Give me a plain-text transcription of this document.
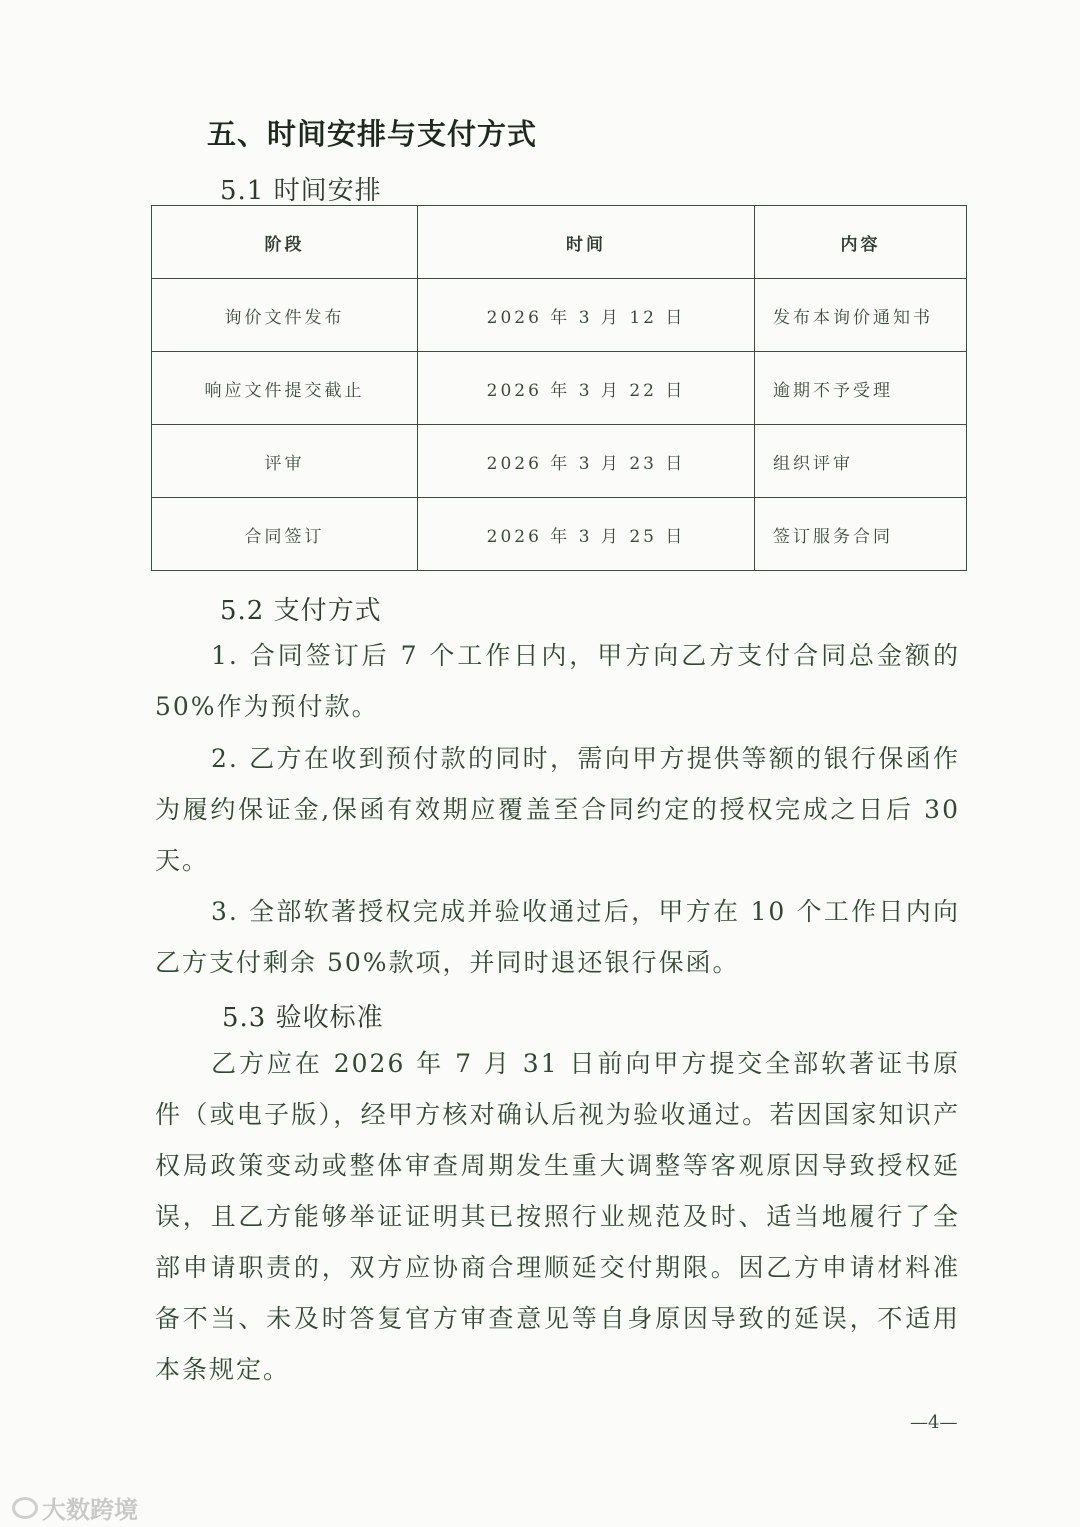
五、时间安排与支付方式
5.1 时间安排
阶段	时间	内容
询价文件发布	2026 年 3 月 12 日	发布本询价通知书
响应文件提交截止	2026 年 3 月 22 日	逾期不予受理
评审	2026 年 3 月 23 日	组织评审
合同签订	2026 年 3 月 25 日	签订服务合同
5.2 支付方式
1. 合同签订后 7 个工作日内，甲方向乙方支付合同总金额的 50%作为预付款。
2. 乙方在收到预付款的同时，需向甲方提供等额的银行保函作为履约保证金,保函有效期应覆盖至合同约定的授权完成之日后 30 天。
3. 全部软著授权完成并验收通过后，甲方在 10 个工作日内向乙方支付剩余 50%款项，并同时退还银行保函。
5.3 验收标准
乙方应在 2026 年 7 月 31 日前向甲方提交全部软著证书原件（或电子版），经甲方核对确认后视为验收通过。若因国家知识产权局政策变动或整体审查周期发生重大调整等客观原因导致授权延误，且乙方能够举证证明其已按照行业规范及时、适当地履行了全部申请职责的，双方应协商合理顺延交付期限。因乙方申请材料准备不当、未及时答复官方审查意见等自身原因导致的延误，不适用本条规定。
—4—
大数跨境
